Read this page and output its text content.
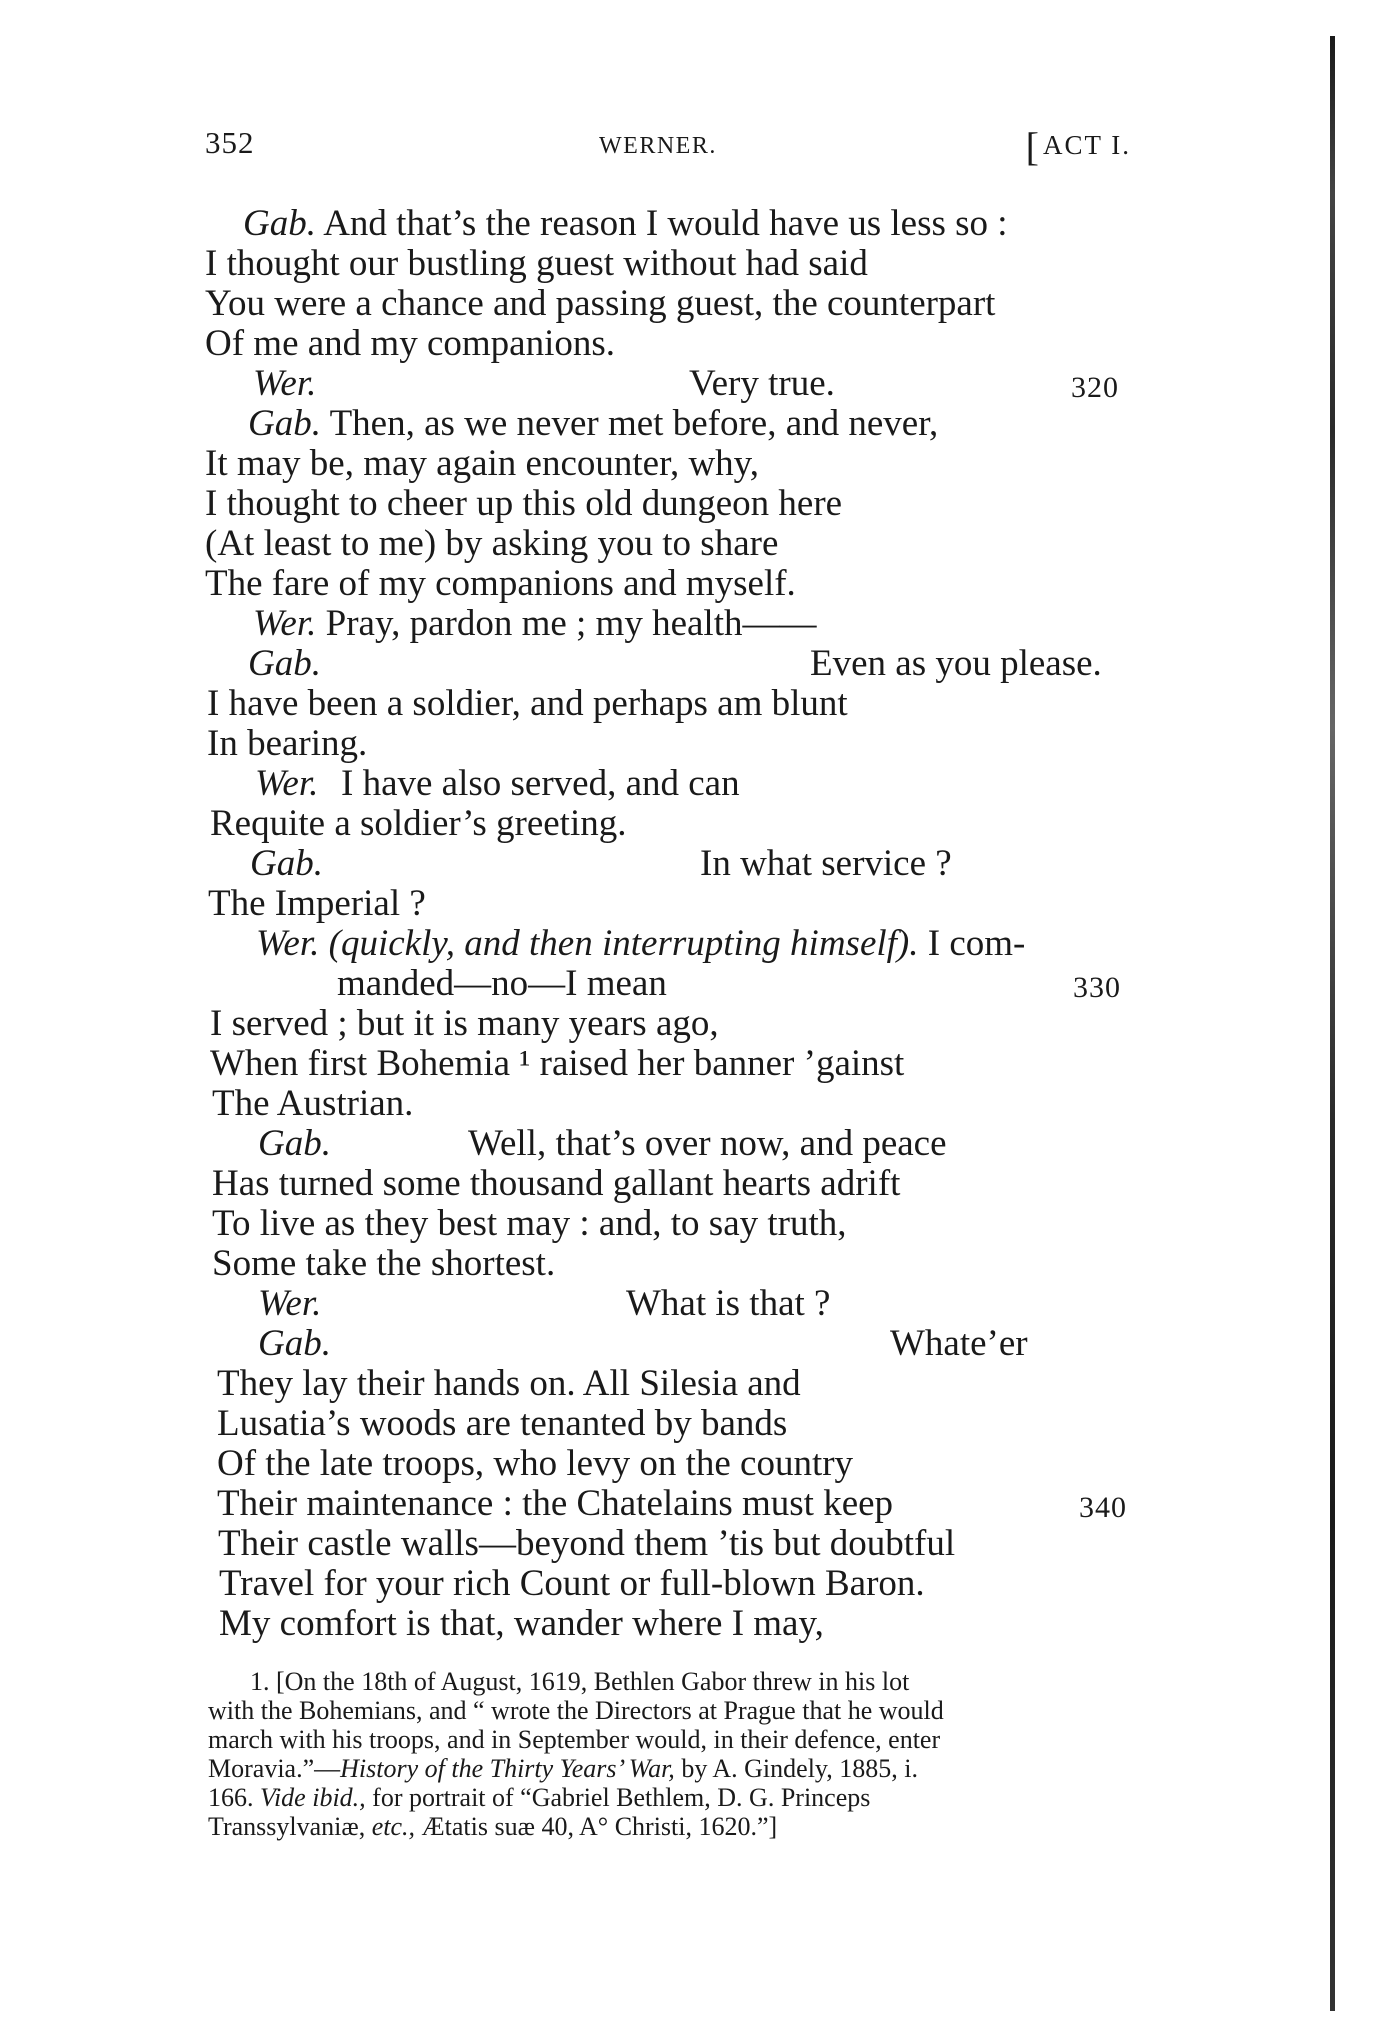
352	WERNER.	[ACT I.
Gab. And that’s the reason I would have us less so :
I thought our bustling guest without had said
You were a chance and passing guest, the counterpart
Of me and my companions.
Wer.	Very true.	320
Gab. Then, as we never met before, and never,
It may be, may again encounter, why,
I thought to cheer up this old dungeon here
(At least to me) by asking you to share
The fare of my companions and myself.
Wer. Pray, pardon me ; my health——
Gab.	Even as you please.
I have been a soldier, and perhaps am blunt
In bearing.
Wer. I have also served, and can
Requite a soldier’s greeting.
Gab.	In what service ?
The Imperial ?
Wer. (quickly, and then interrupting himself). I com-
manded—no—I mean	330
I served ; but it is many years ago,
When first Bohemia ¹ raised her banner ’gainst
The Austrian.
Gab.	Well, that’s over now, and peace
Has turned some thousand gallant hearts adrift
To live as they best may : and, to say truth,
Some take the shortest.
Wer.	What is that ?
Gab.	Whate’er
They lay their hands on. All Silesia and
Lusatia’s woods are tenanted by bands
Of the late troops, who levy on the country
Their maintenance : the Chatelains must keep	340
Their castle walls—beyond them ’tis but doubtful
Travel for your rich Count or full-blown Baron.
My comfort is that, wander where I may,
1. [On the 18th of August, 1619, Bethlen Gabor threw in his lot
with the Bohemians, and “ wrote the Directors at Prague that he would
march with his troops, and in September would, in their defence, enter
Moravia.”—History of the Thirty Years’ War, by A. Gindely, 1885, i.
166. Vide ibid., for portrait of “Gabriel Bethlem, D. G. Princeps
Transsylvaniæ, etc., Ætatis suæ 40, A° Christi, 1620.”]
